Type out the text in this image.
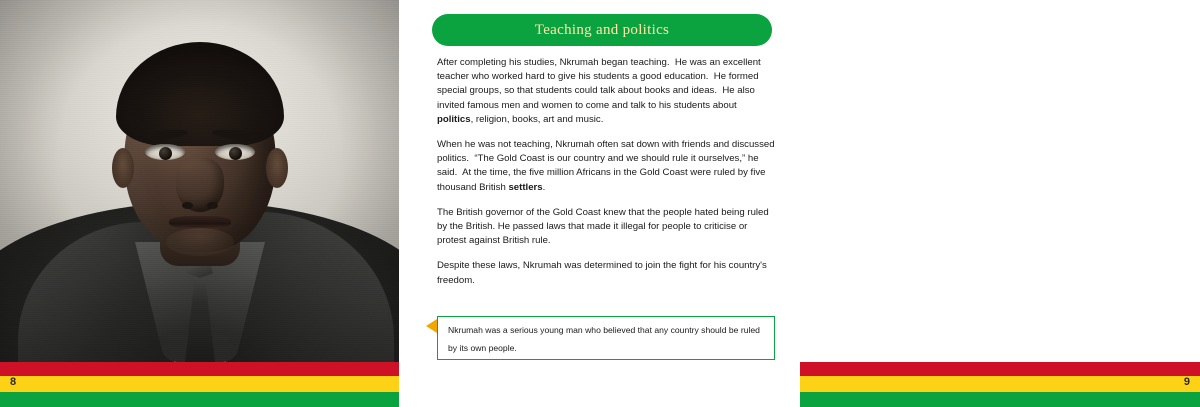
8
Teaching and politics

After completing his studies, Nkrumah began teaching.  He was an excellent teacher who worked hard to give his students a good education.  He formed special groups, so that students could talk about books and ideas.  He also invited famous men and women to come and talk to his students about politics, religion, books, art and music.

When he was not teaching, Nkrumah often sat down with friends and discussed politics.  “The Gold Coast is our country and we should rule it ourselves,” he said.  At the time, the five million Africans in the Gold Coast were ruled by five thousand British settlers.

The British governor of the Gold Coast knew that the people hated being ruled by the British. He passed laws that made it illegal for people to criticise or protest against British rule.

Despite these laws, Nkrumah was determined to join the fight for his country's freedom.

Nkrumah was a serious young man who believed that any country should be ruled by its own people.
9
